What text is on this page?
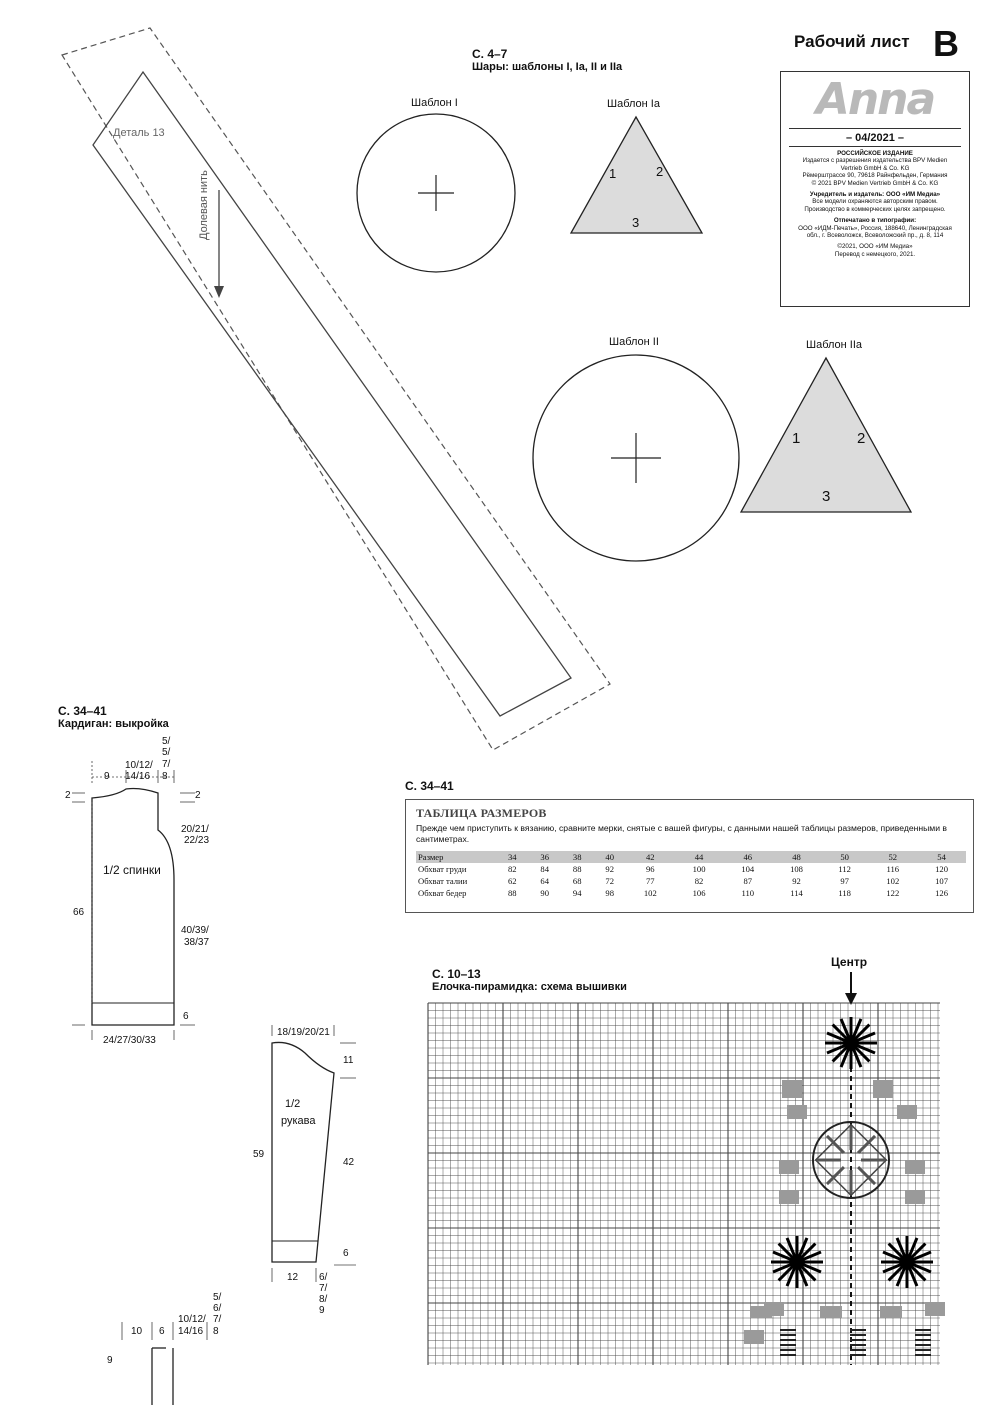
Рабочий лист B
Anna
– 04/2021 –
РОССИЙСКОЕ ИЗДАНИЕ
Издается с разрешения издательства BPV Medien
Vertrieb GmbH & Co. KG
Рёмерштрассе 90, 79618 Райнфельден, Германия
© 2021 BPV Medien Vertrieb GmbH & Co. KG
Учредитель и издатель: ООО «ИМ Медиа»
Все модели охраняются авторским правом.
Производство в коммерческих целях запрещено.
Отпечатано в типографии:
ООО «ИДМ-Печать», Россия, 188640, Ленинградская
обл., г. Всеволожск, Всеволожский пр., д. 8, 114
©2021, ООО «ИМ Медиа»
Перевод с немецкого, 2021.
Деталь 13
Долевая нить
С. 4–7
Шары: шаблоны I, Ia, II и IIa
Шаблон I	Шаблон Ia
Шаблон II	Шаблон IIa
1	2
3
1	2
3
С. 34–41
Кардиган: выкройка
9
10/12/
14/16
5/
5/
7/
8
2	2
20/21/
22/23
66
40/39/
38/37
6
24/27/30/33
1/2 спинки
18/19/20/21
11
59
42
6
12 6/
7/
8/
9
1/2
рукава
5/
6/
7/
8
10 6
10/12/
14/16
9
С. 34–41
ТАБЛИЦА РАЗМЕРОВ
Прежде чем приступить к вязанию, сравните мерки, снятые с вашей фигуры, с данными нашей таблицы размеров, приведенными в сантиметрах.
Размер	34	36	38	40	42	44	46	48	50	52	54
Обхват груди	82	84	88	92	96	100	104	108	112	116	120
Обхват талии	62	64	68	72	77	82	87	92	97	102	107
Обхват бедер	88	90	94	98	102	106	110	114	118	122	126
С. 10–13
Елочка-пирамидка: схема вышивки
Центр
